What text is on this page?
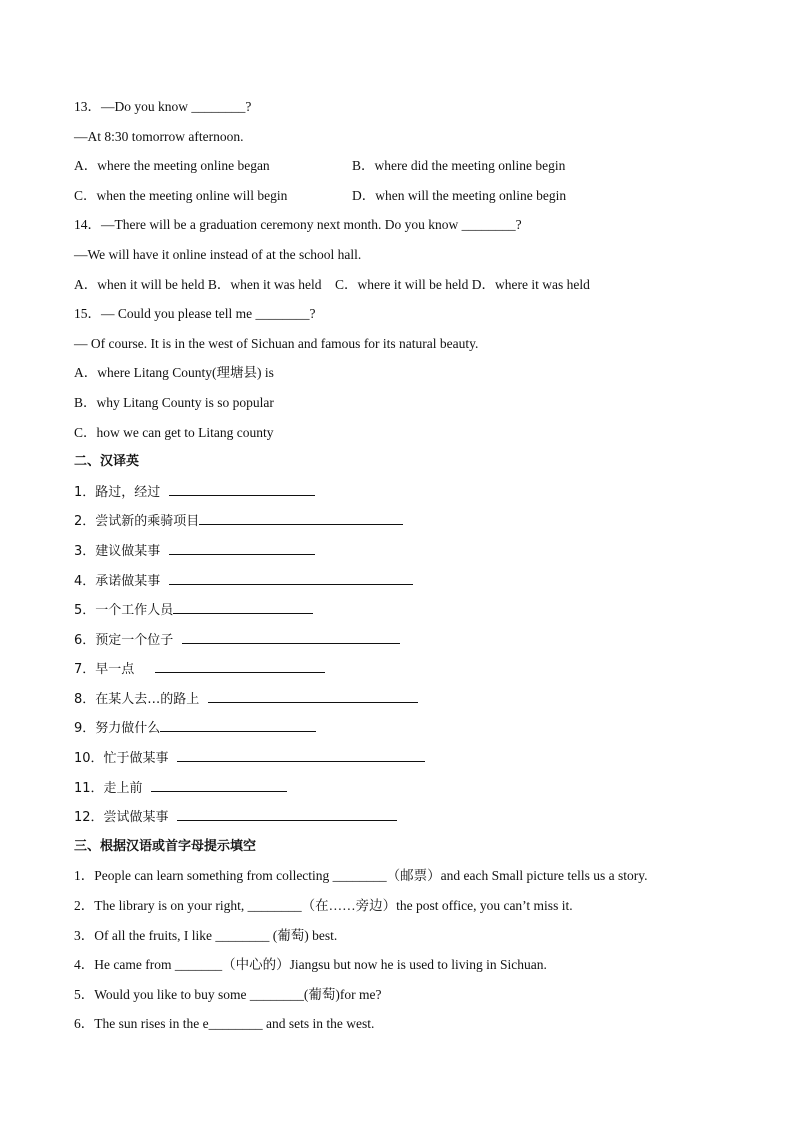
13．—Do you know ________?
—At 8:30 tomorrow afternoon.
A．where the meeting online began	B．where did the meeting online begin
C．when the meeting online will begin	D．when will the meeting online begin
14．—There will be a graduation ceremony next month. Do you know ________?
—We will have it online instead of at the school hall.
A．when it will be held B．when it was held    C．where it will be held D．where it was held
15．— Could you please tell me ________?
— Of course. It is in the west of Sichuan and famous for its natural beauty.
A．where Litang County(理塘县) is
B．why Litang County is so popular
C．how we can get to Litang county
二、汉译英
1．路过，经过
2．尝试新的乘骑项目
3．建议做某事
4．承诺做某事
5．一个工作人员
6．预定一个位子
7．早一点
8．在某人去…的路上
9．努力做什么
10．忙于做某事
11．走上前
12．尝试做某事
三、根据汉语或首字母提示填空
1．People can learn something from collecting ________（邮票）and each Small picture tells us a story.
2．The library is on your right, ________（在……旁边）the post office, you can’t miss it.
3．Of all the fruits, I like ________ (葡萄) best.
4．He came from _______（中心的）Jiangsu but now he is used to living in Sichuan.
5．Would you like to buy some ________(葡萄)for me?
6．The sun rises in the e________ and sets in the west.
